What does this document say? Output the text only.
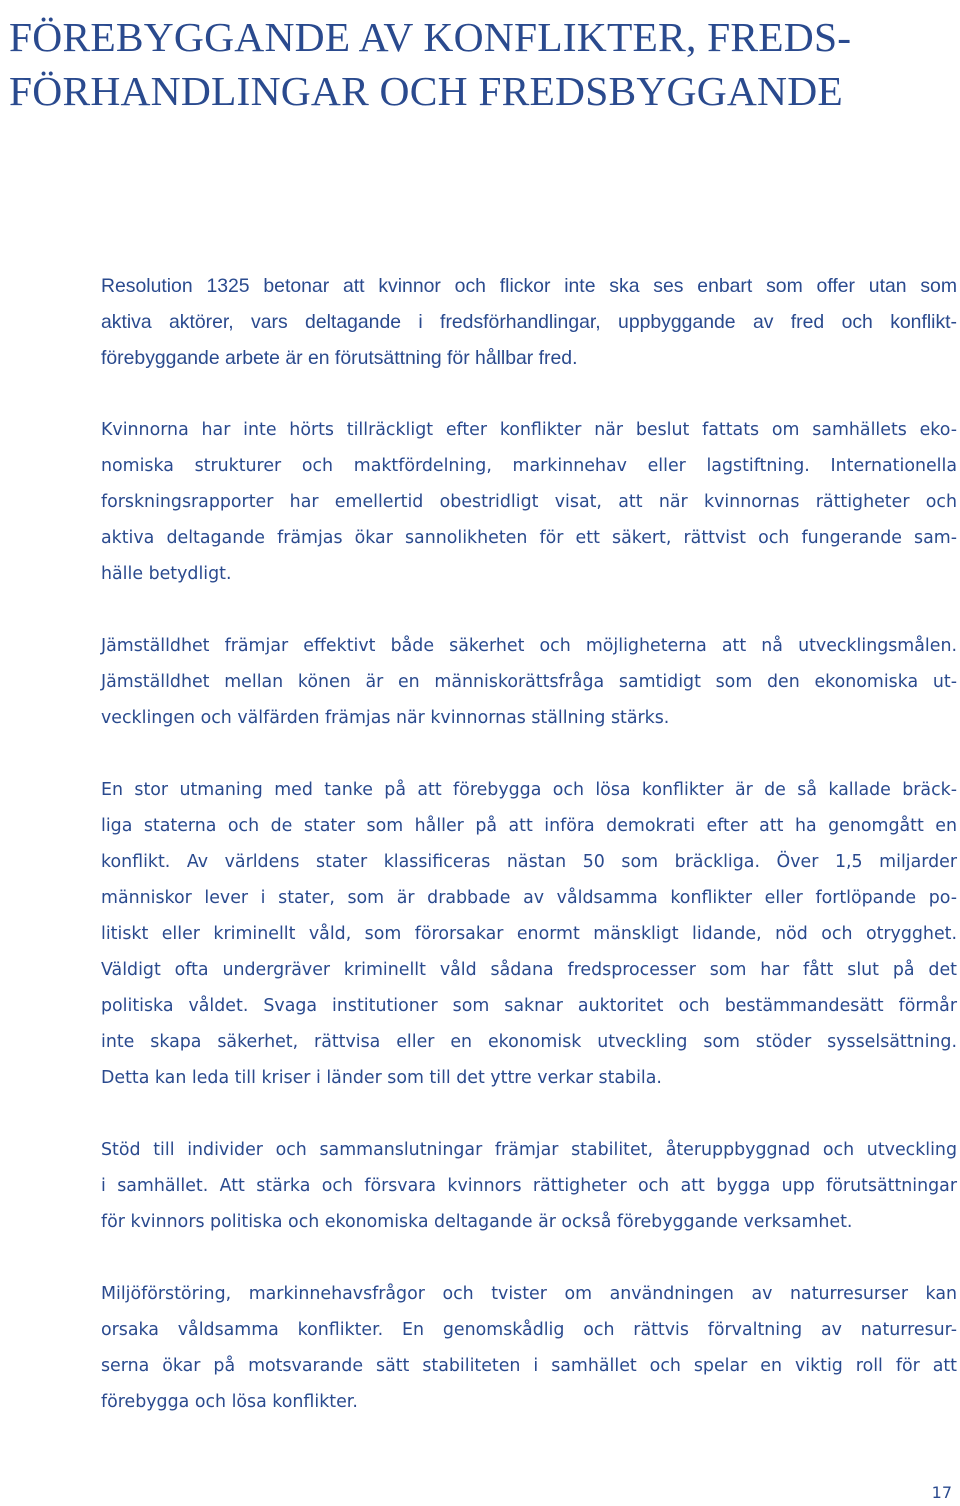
FÖREBYGGANDE AV KONFLIKTER, FREDS-
FÖRHANDLINGAR OCH FREDSBYGGANDE
Resolution 1325 betonar att kvinnor och flickor inte ska ses enbart som offer utan som
aktiva aktörer, vars deltagande i fredsförhandlingar, uppbyggande av fred och konflikt-
förebyggande arbete är en förutsättning för hållbar fred.
Kvinnorna har inte hörts tillräckligt efter konflikter när beslut fattats om samhällets eko-
nomiska strukturer och maktfördelning, markinnehav eller lagstiftning. Internationella
forskningsrapporter har emellertid obestridligt visat, att när kvinnornas rättigheter och
aktiva deltagande främjas ökar sannolikheten för ett säkert, rättvist och fungerande sam-
hälle betydligt.
Jämställdhet främjar effektivt både säkerhet och möjligheterna att nå utvecklingsmålen.
Jämställdhet mellan könen är en människorättsfråga samtidigt som den ekonomiska ut-
vecklingen och välfärden främjas när kvinnornas ställning stärks.
En stor utmaning med tanke på att förebygga och lösa konflikter är de så kallade bräck-
liga staterna och de stater som håller på att införa demokrati efter att ha genomgått en
konflikt. Av världens stater klassificeras nästan 50 som bräckliga. Över 1,5 miljarder
människor lever i stater, som är drabbade av våldsamma konflikter eller fortlöpande po-
litiskt eller kriminellt våld, som förorsakar enormt mänskligt lidande, nöd och otrygghet.
Väldigt ofta undergräver kriminellt våld sådana fredsprocesser som har fått slut på det
politiska våldet. Svaga institutioner som saknar auktoritet och bestämmandesätt förmår
inte skapa säkerhet, rättvisa eller en ekonomisk utveckling som stöder sysselsättning.
Detta kan leda till kriser i länder som till det yttre verkar stabila.
Stöd till individer och sammanslutningar främjar stabilitet, återuppbyggnad och utveckling
i samhället. Att stärka och försvara kvinnors rättigheter och att bygga upp förutsättningar
för kvinnors politiska och ekonomiska deltagande är också förebyggande verksamhet.
Miljöförstöring, markinnehavsfrågor och tvister om användningen av naturresurser kan
orsaka våldsamma konflikter. En genomskådlig och rättvis förvaltning av naturresur-
serna ökar på motsvarande sätt stabiliteten i samhället och spelar en viktig roll för att
förebygga och lösa konflikter.
17
